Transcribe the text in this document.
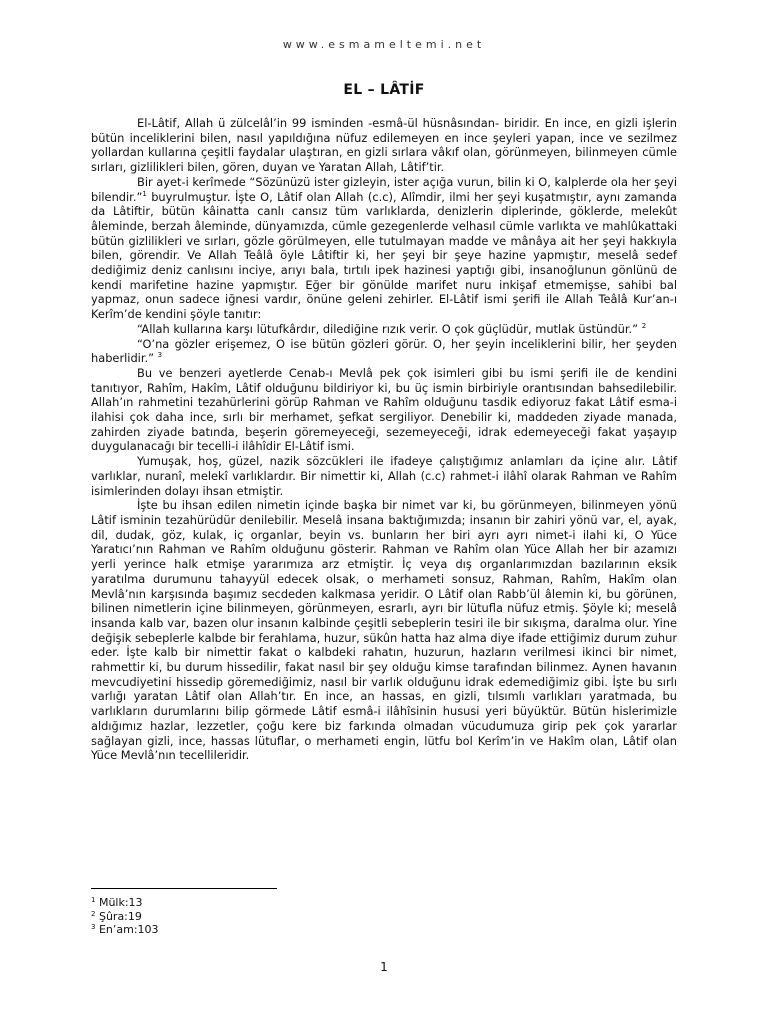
www.esmameltemi.net
EL – LÂTİF

El-Lâtif, Allah ü zülcelâl’in 99 isminden -esmâ-ül hüsnâsından- biridir. En ince, en gizli işlerin bütün inceliklerini bilen, nasıl yapıldığına nüfuz edilemeyen en ince şeyleri yapan, ince ve sezilmez yollardan kullarına çeşitli faydalar ulaştıran, en gizli sırlara vâkıf olan, görünmeyen, bilinmeyen cümle sırları, gizlilikleri bilen, gören, duyan ve Yaratan Allah, Lâtif’tir.

Bir ayet-i kerîmede “Sözünüzü ister gizleyin, ister açığa vurun, bilin ki O, kalplerde ola her şeyi bilendir.”$^1$ buyrulmuştur. İşte O, Lâtif olan Allah (c.c), Alîmdir, ilmi her şeyi kuşatmıştır, aynı zamanda da Lâtiftir, bütün kâinatta canlı cansız tüm varlıklarda, denizlerin diplerinde, göklerde, melekût âleminde, berzah âleminde, dünyamızda, cümle gezegenlerde velhasıl cümle varlıkta ve mahlûkattaki bütün gizlilikleri ve sırları, gözle görülmeyen, elle tutulmayan madde ve mânâya ait her şeyi hakkıyla bilen, görendir. Ve Allah Teâlâ öyle Lâtiftir ki, her şeyi bir şeye hazine yapmıştır, meselâ sedef dediğimiz deniz canlısını inciye, arıyı bala, tırtılı ipek hazinesi yaptığı gibi, insanoğlunun gönlünü de kendi marifetine hazine yapmıştır. Eğer bir gönülde marifet nuru inkişaf etmemişse, sahibi bal yapmaz, onun sadece iğnesi vardır, önüne geleni zehirler. El-Lâtif ismi şerifi ile Allah Teâlâ Kur’an-ı Kerîm’de kendini şöyle tanıtır:

“Allah kullarına karşı lütufkârdır, dilediğine rızık verir. O çok güçlüdür, mutlak üstündür.” $^2$

“O’na gözler erişemez, O ise bütün gözleri görür. O, her şeyin inceliklerini bilir, her şeyden haberlidir.” $^3$

Bu ve benzeri ayetlerde Cenab-ı Mevlâ pek çok isimleri gibi bu ismi şerifi ile de kendini tanıtıyor, Rahîm, Hakîm, Lâtif olduğunu bildiriyor ki, bu üç ismin birbiriyle orantısından bahsedilebilir. Allah’ın rahmetini tezahürlerini görüp Rahman ve Rahîm olduğunu tasdik ediyoruz fakat Lâtif esma-i ilahisi çok daha ince, sırlı bir merhamet, şefkat sergiliyor. Denebilir ki, maddeden ziyade manada, zahirden ziyade batında, beşerin göremeyeceği, sezemeyeceği, idrak edemeyeceği fakat yaşayıp duygulanacağı bir tecelli-i ilâhîdir El-Lâtif ismi.

Yumuşak, hoş, güzel, nazik sözcükleri ile ifadeye çalıştığımız anlamları da içine alır. Lâtif varlıklar, nuranî, melekî varlıklardır. Bir nimettir ki, Allah (c.c) rahmet-i ilâhî olarak Rahman ve Rahîm isimlerinden dolayı ihsan etmiştir.

İşte bu ihsan edilen nimetin içinde başka bir nimet var ki, bu görünmeyen, bilinmeyen yönü Lâtif isminin tezahürüdür denilebilir. Meselâ insana baktığımızda; insanın bir zahiri yönü var, el, ayak, dil, dudak, göz, kulak, iç organlar, beyin vs. bunların her biri ayrı ayrı nimet-i ilahi ki, O Yüce Yaratıcı’nın Rahman ve Rahîm olduğunu gösterir. Rahman ve Rahîm olan Yüce Allah her bir azamızı yerli yerince halk etmişe yararımıza arz etmiştir. İç veya dış organlarımızdan bazılarının eksik yaratılma durumunu tahayyül edecek olsak, o merhameti sonsuz, Rahman, Rahîm, Hakîm olan Mevlâ’nın karşısında başımız secdeden kalkmasa yeridir. O Lâtif olan Rabb’ül âlemin ki, bu görünen, bilinen nimetlerin içine bilinmeyen, görünmeyen, esrarlı, ayrı bir lütufla nüfuz etmiş. Şöyle ki; meselâ insanda kalb var, bazen olur insanın kalbinde çeşitli sebeplerin tesiri ile bir sıkışma, daralma olur. Yine değişik sebeplerle kalbde bir ferahlama, huzur, sükûn hatta haz alma diye ifade ettiğimiz durum zuhur eder. İşte kalb bir nimettir fakat o kalbdeki rahatın, huzurun, hazların verilmesi ikinci bir nimet, rahmettir ki, bu durum hissedilir, fakat nasıl bir şey olduğu kimse tarafından bilinmez. Aynen havanın mevcudiyetini hissedip göremediğimiz, nasıl bir varlık olduğunu idrak edemediğimiz gibi. İşte bu sırlı varlığı yaratan Lâtif olan Allah’tır. En ince, an hassas, en gizli, tılsımlı varlıkları yaratmada, bu varlıkların durumlarını bilip görmede Lâtif esmâ-i ilâhîsinin hususi yeri büyüktür. Bütün hislerimizle aldığımız hazlar, lezzetler, çoğu kere biz farkında olmadan vücudumuza girip pek çok yararlar sağlayan gizli, ince, hassas lütuflar, o merhameti engin, lütfu bol Kerîm’in ve Hakîm olan, Lâtif olan Yüce Mevlâ’nın tecellileridir.

$^1$ Mülk:13
$^2$ Şûra:19
$^3$ En’am:103
1
